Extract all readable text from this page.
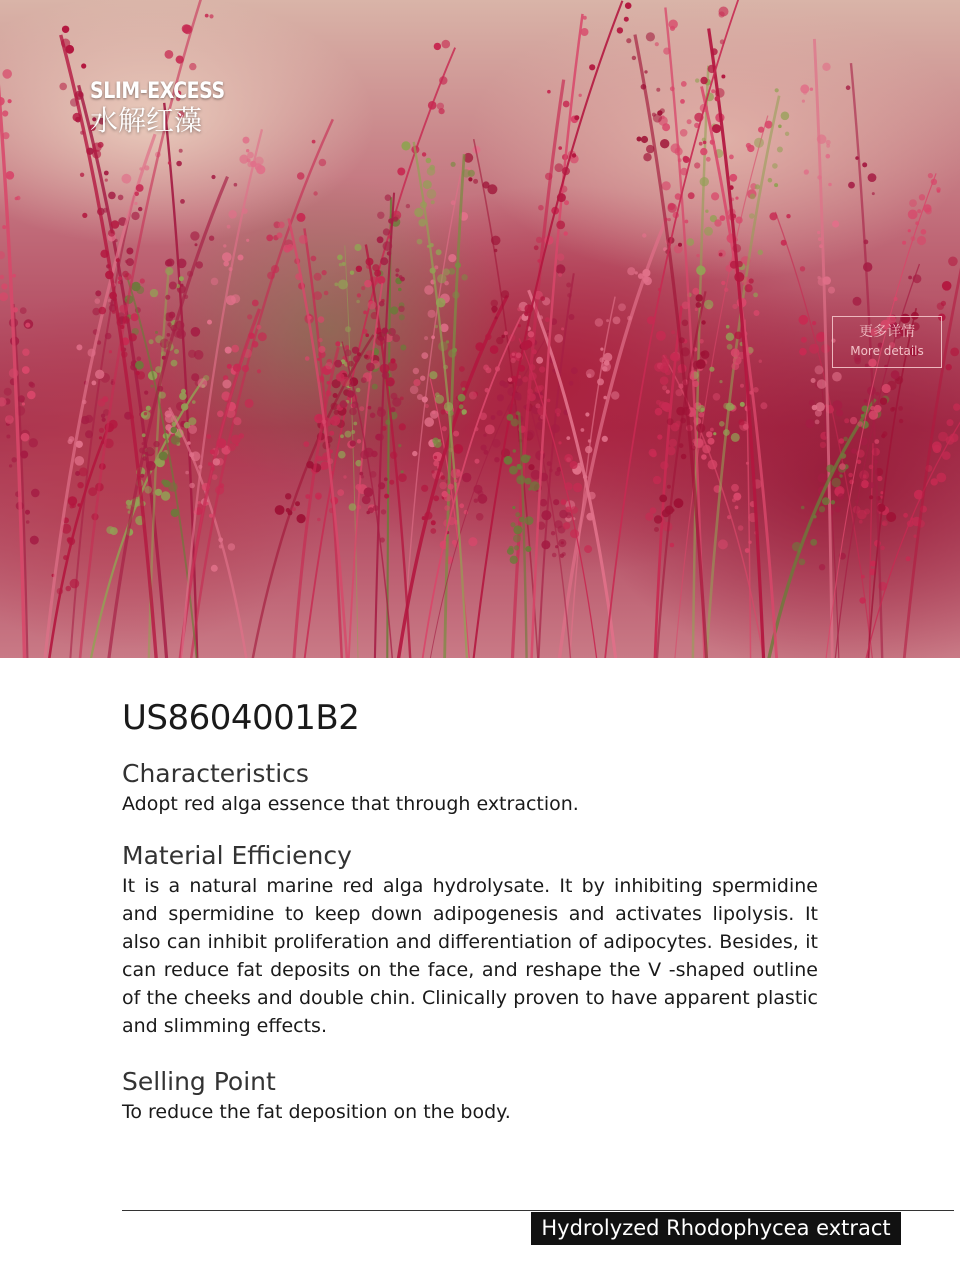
SLIM-EXCESS
水解红藻
更多详情
More details
US8604001B2
Characteristics

Adopt red alga essence that through extraction.

Material Efficiency

It is a natural marine red alga hydrolysate. It by inhibiting spermidine and spermidine to keep down adipogenesis and activates lipolysis. It also can inhibit proliferation and differentiation of adipocytes. Besides, it can reduce fat deposits on the face, and reshape the V -shaped outline of the cheeks and double chin. Clinically proven to have apparent plastic and slimming effects.

Selling Point

To reduce the fat deposition on the body.

Hydrolyzed Rhodophycea extract
